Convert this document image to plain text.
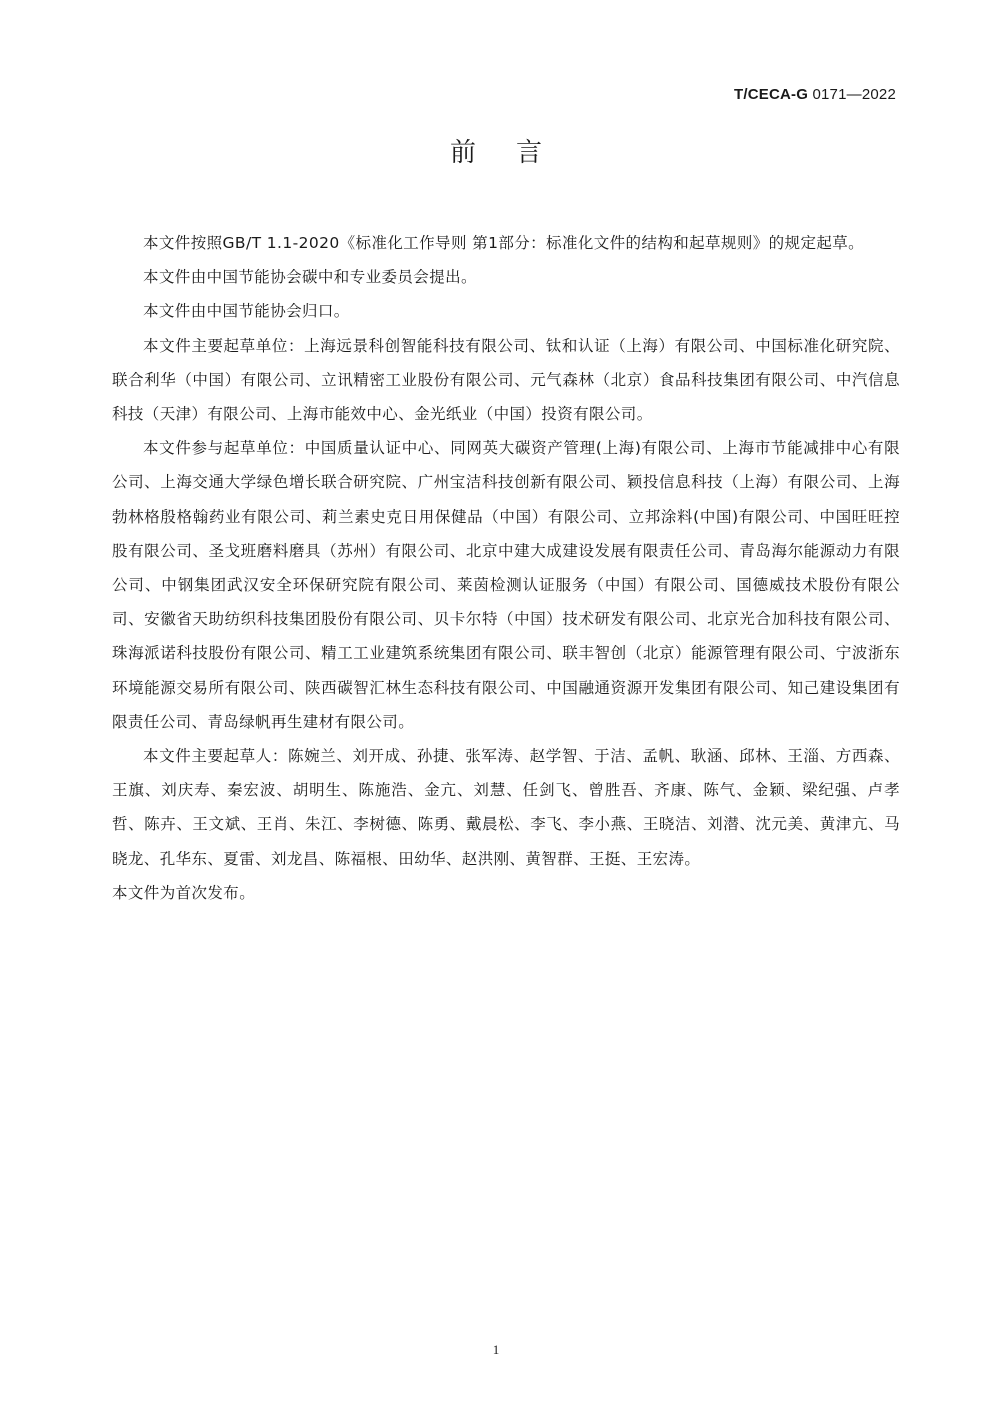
T/CECA-G 0171—2022
前言

本文件按照GB/T 1.1-2020《标准化工作导则 第1部分：标准化文件的结构和起草规则》的规定起草。

本文件由中国节能协会碳中和专业委员会提出。

本文件由中国节能协会归口。

本文件主要起草单位：上海远景科创智能科技有限公司、钛和认证（上海）有限公司、中国标准化研究院、联合利华（中国）有限公司、立讯精密工业股份有限公司、元气森林（北京）食品科技集团有限公司、中汽信息科技（天津）有限公司、上海市能效中心、金光纸业（中国）投资有限公司。

本文件参与起草单位：中国质量认证中心、同网英大碳资产管理(上海)有限公司、上海市节能减排中心有限公司、上海交通大学绿色增长联合研究院、广州宝洁科技创新有限公司、颖投信息科技（上海）有限公司、上海勃林格殷格翰药业有限公司、莉兰素史克日用保健品（中国）有限公司、立邦涂料(中国)有限公司、中国旺旺控股有限公司、圣戈班磨料磨具（苏州）有限公司、北京中建大成建设发展有限责任公司、青岛海尔能源动力有限公司、中钢集团武汉安全环保研究院有限公司、莱茵检测认证服务（中国）有限公司、国德威技术股份有限公司、安徽省天助纺织科技集团股份有限公司、贝卡尔特（中国）技术研发有限公司、北京光合加科技有限公司、珠海派诺科技股份有限公司、精工工业建筑系统集团有限公司、联丰智创（北京）能源管理有限公司、宁波浙东环境能源交易所有限公司、陕西碳智汇林生态科技有限公司、中国融通资源开发集团有限公司、知己建设集团有限责任公司、青岛绿帆再生建材有限公司。

本文件主要起草人：陈婉兰、刘开成、孙捷、张军涛、赵学智、于洁、孟帆、耿涵、邱林、王淄、方西森、王旗、刘庆寿、秦宏波、胡明生、陈施浩、金亢、刘慧、任剑飞、曾胜吾、齐康、陈气、金颖、梁纪强、卢孝哲、陈卉、王文斌、王肖、朱江、李树德、陈勇、戴晨松、李飞、李小燕、王晓洁、刘潜、沈元美、黄津亢、马晓龙、孔华东、夏雷、刘龙昌、陈福根、田幼华、赵洪刚、黄智群、王挺、王宏涛。

本文件为首次发布。

1
